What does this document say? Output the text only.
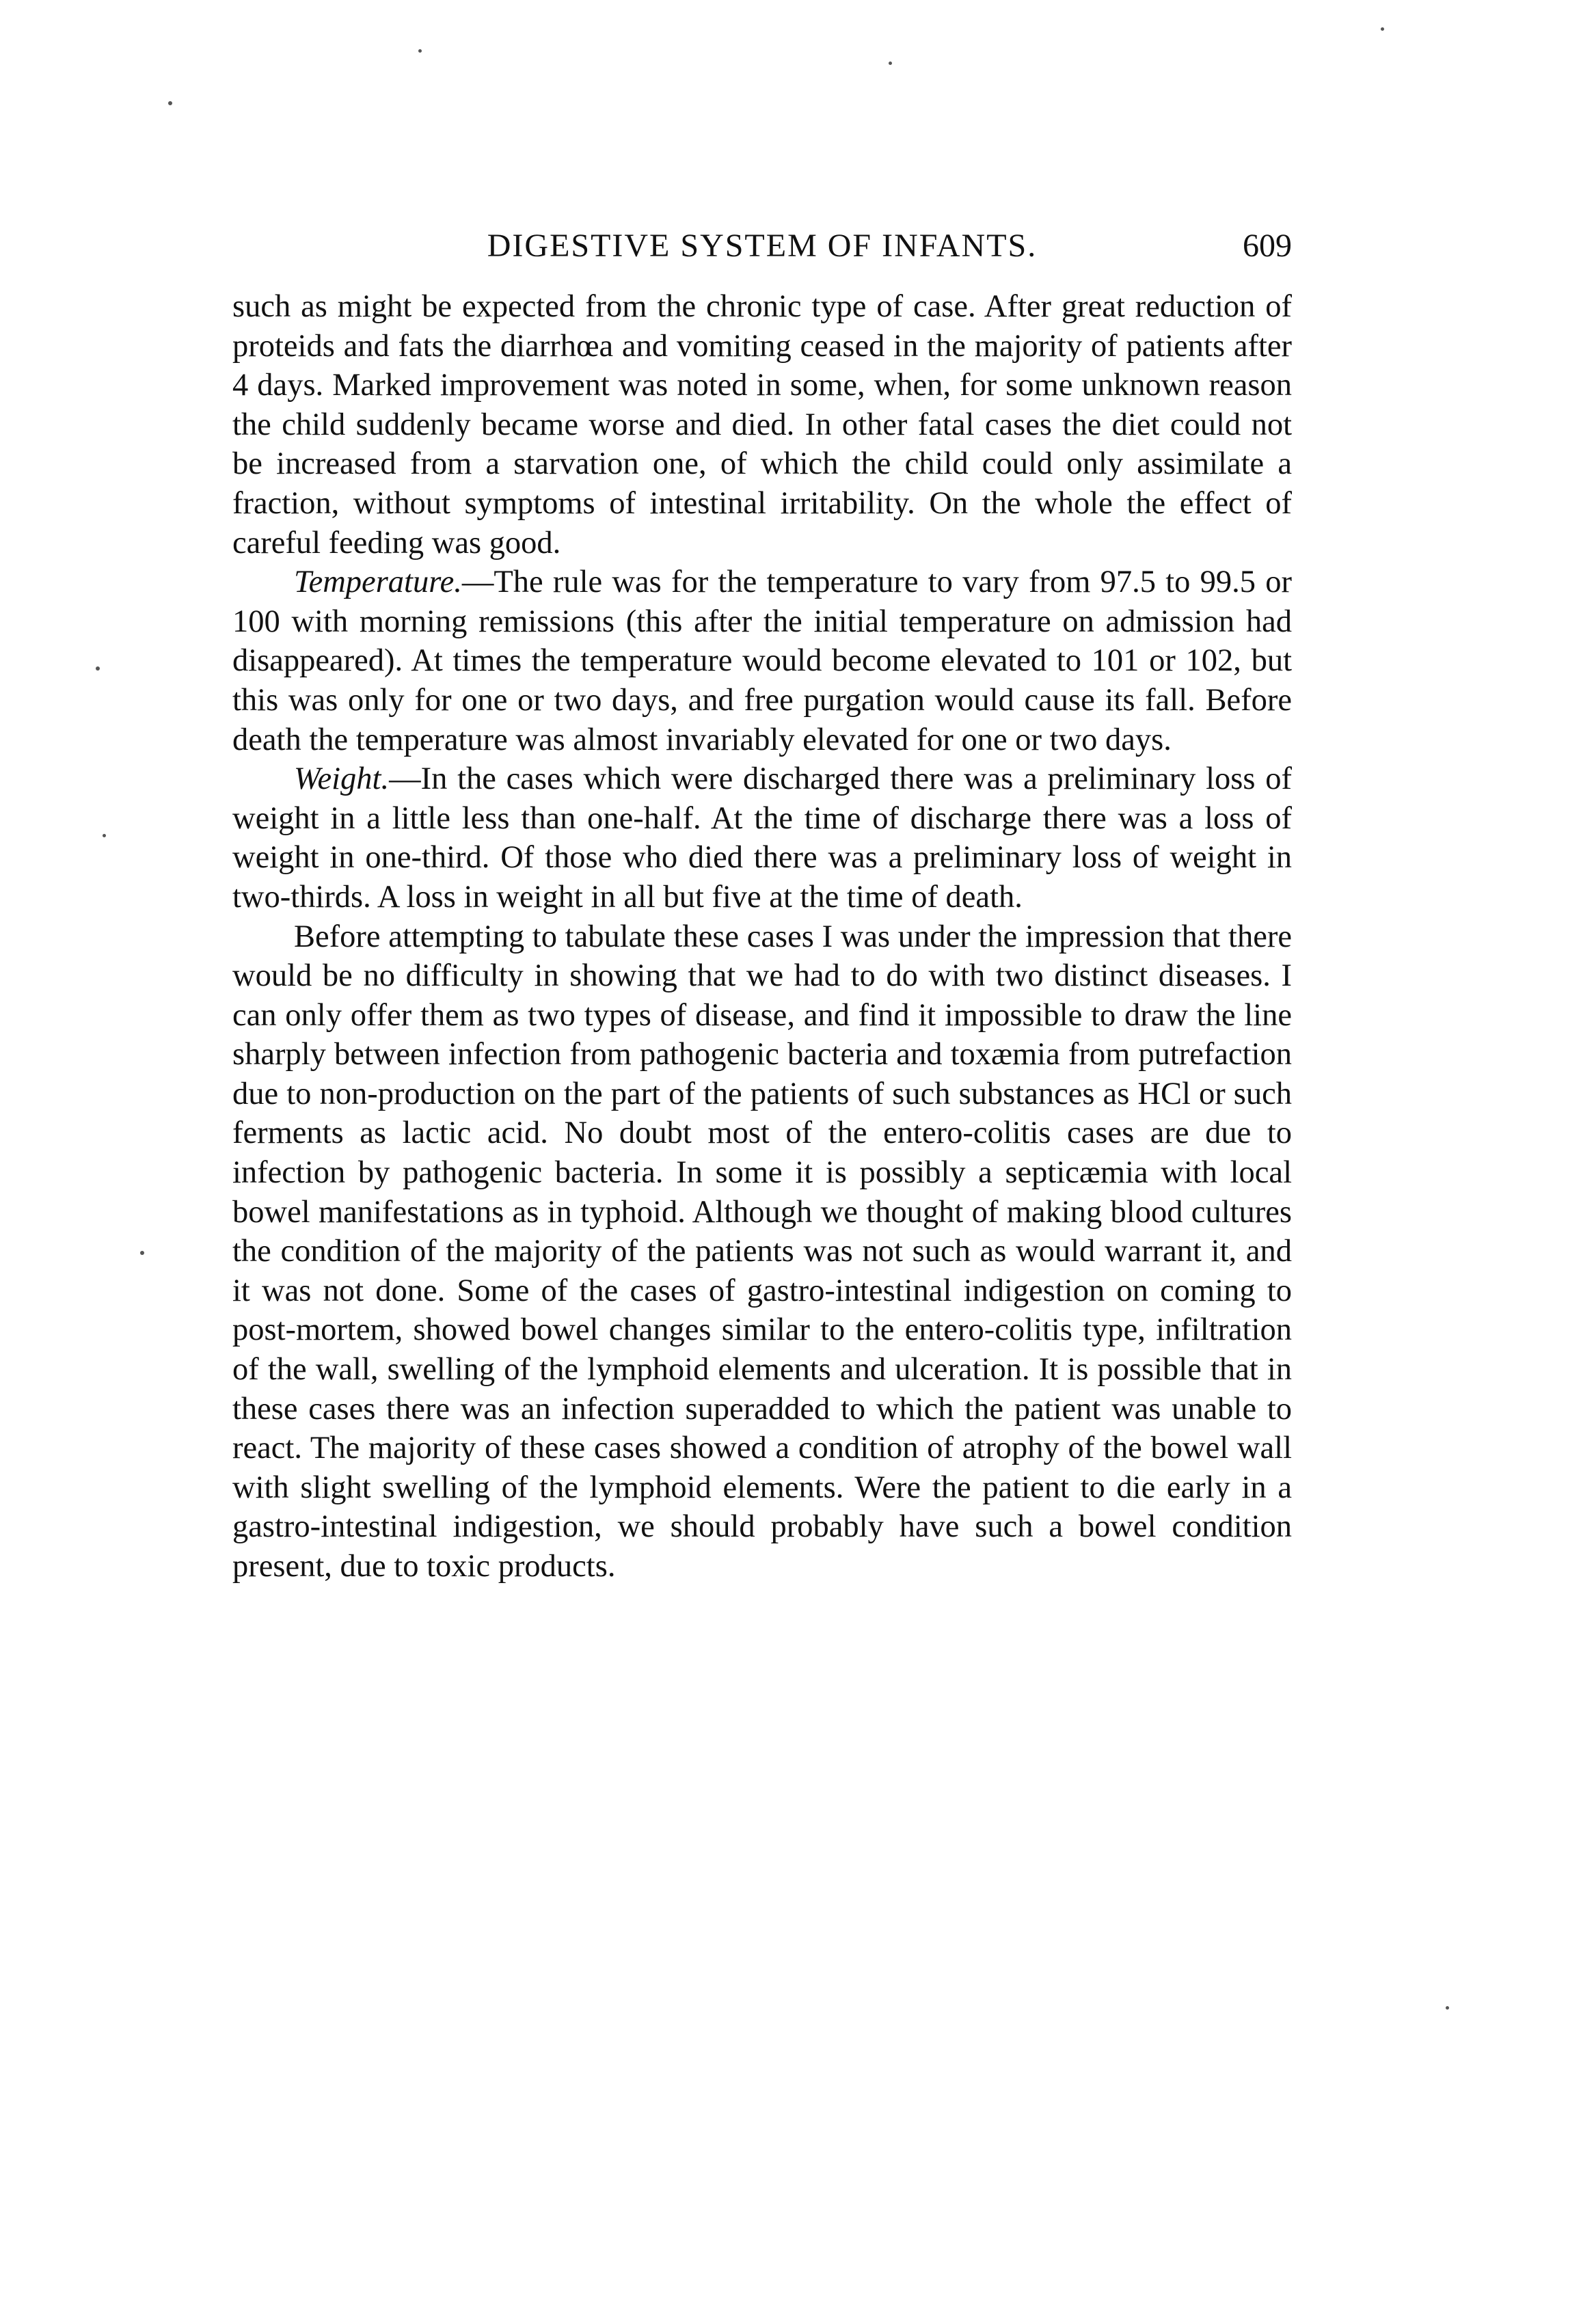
DIGESTIVE SYSTEM OF INFANTS.	609

such as might be expected from the chronic type of case. After great reduction of proteids and fats the diarrhœa and vomiting ceased in the majority of patients after 4 days. Marked improvement was noted in some, when, for some unknown reason the child suddenly became worse and died. In other fatal cases the diet could not be increased from a starvation one, of which the child could only assimilate a fraction, without symptoms of intestinal irritability. On the whole the effect of careful feeding was good.

Temperature.—The rule was for the temperature to vary from 97.5 to 99.5 or 100 with morning remissions (this after the initial temperature on admission had disappeared). At times the temperature would become elevated to 101 or 102, but this was only for one or two days, and free purgation would cause its fall. Before death the temperature was almost invariably elevated for one or two days.

Weight.—In the cases which were discharged there was a preliminary loss of weight in a little less than one-half. At the time of discharge there was a loss of weight in one-third. Of those who died there was a preliminary loss of weight in two-thirds. A loss in weight in all but five at the time of death.

Before attempting to tabulate these cases I was under the impression that there would be no difficulty in showing that we had to do with two distinct diseases. I can only offer them as two types of disease, and find it impossible to draw the line sharply between infection from pathogenic bacteria and toxæmia from putrefaction due to non-production on the part of the patients of such substances as HCl or such ferments as lactic acid. No doubt most of the entero-colitis cases are due to infection by pathogenic bacteria. In some it is possibly a septicæmia with local bowel manifestations as in typhoid. Although we thought of making blood cultures the condition of the majority of the patients was not such as would warrant it, and it was not done. Some of the cases of gastro-intestinal indigestion on coming to post-mortem, showed bowel changes similar to the entero-colitis type, infiltration of the wall, swelling of the lymphoid elements and ulceration. It is possible that in these cases there was an infection superadded to which the patient was unable to react. The majority of these cases showed a condition of atrophy of the bowel wall with slight swelling of the lymphoid elements. Were the patient to die early in a gastro-intestinal indigestion, we should probably have such a bowel condition present, due to toxic products.
